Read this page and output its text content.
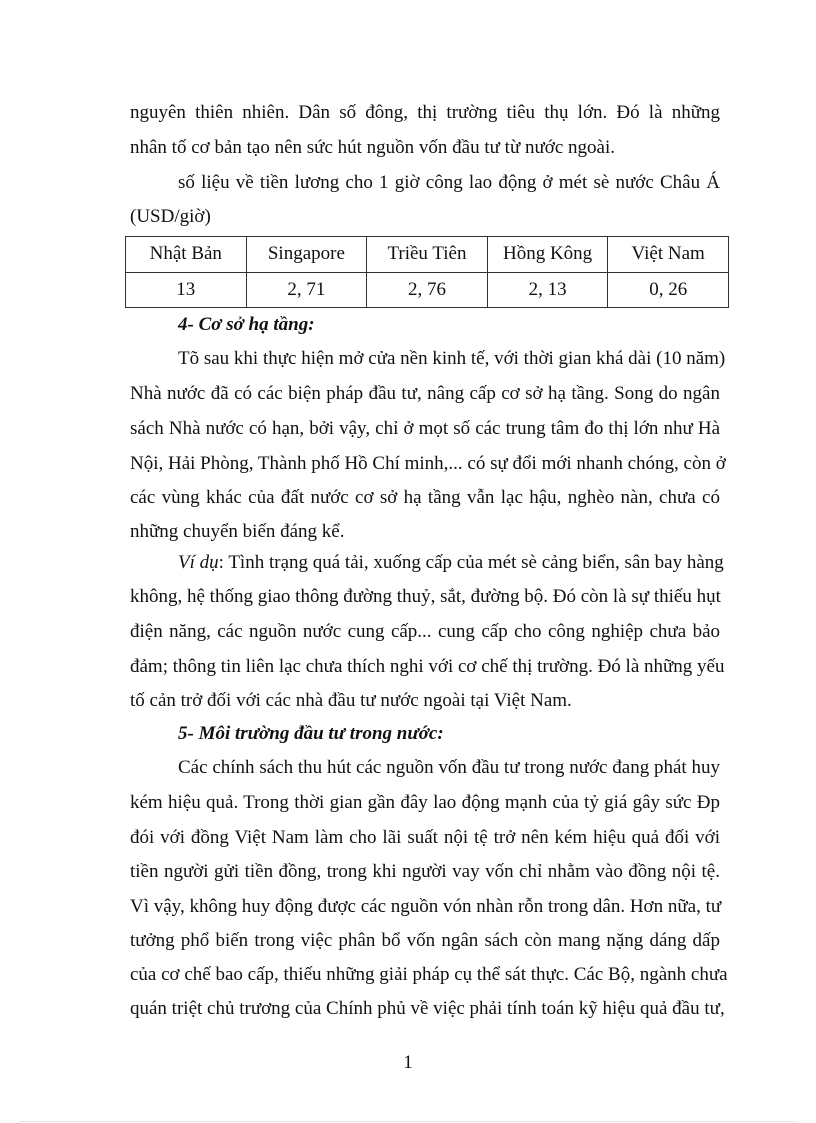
nguyên thiên nhiên. Dân số đông, thị trường tiêu thụ lớn. Đó là những
nhân tố cơ bản tạo nên sức hút nguồn vốn đầu tư từ nước ngoài.
số liệu về tiền lương cho 1 giờ công lao động ở mét sè nước Châu Á
(USD/giờ)
Nhật Bản	Singapore	Triều Tiên	Hồng Kông	Việt Nam
13	2, 71	2, 76	2, 13	0, 26
4- Cơ sở hạ tầng:
Tõ sau khi thực hiện mở cửa nền kinh tế, với thời gian khá dài (10 năm)
Nhà nước đã có các biện pháp đầu tư, nâng cấp cơ sở hạ tầng. Song do ngân
sách Nhà nước có hạn, bởi vậy, chỉ ở mọt số các trung tâm đo thị lớn như Hà
Nội, Hải Phòng, Thành phố Hồ Chí minh,... có sự đổi mới nhanh chóng, còn ở
các vùng khác của đất nước cơ sở hạ tầng vẫn lạc hậu, nghèo nàn, chưa có
những chuyển biến đáng kể.
Ví dụ: Tình trạng quá tải, xuống cấp của mét sè cảng biển, sân bay hàng
không, hệ thống giao thông đường thuỷ, sắt, đường bộ. Đó còn là sự thiếu hụt
điện năng, các nguồn nước cung cấp... cung cấp cho công nghiệp chưa bảo
đảm; thông tin liên lạc chưa thích nghi với cơ chế thị trường. Đó là những yếu
tố cản trở đối với các nhà đầu tư nước ngoài tại Việt Nam.
5- Môi trường đầu tư trong nước:
Các chính sách thu hút các nguồn vốn đầu tư trong nước đang phát huy
kém hiệu quả. Trong thời gian gần đây lao động mạnh của tỷ giá gây sức Đp
đói với đồng Việt Nam làm cho lãi suất nội tệ trở nên kém hiệu quả đối với
tiền người gửi tiền đồng, trong khi người vay vốn chỉ nhằm vào đồng nội tệ.
Vì vậy, không huy động được các nguồn vón nhàn rỗn trong dân. Hơn nữa, tư
tưởng phổ biến trong việc phân bổ vốn ngân sách còn mang nặng dáng dấp
của cơ chế bao cấp, thiếu những giải pháp cụ thể sát thực. Các Bộ, ngành chưa
quán triệt chủ trương của Chính phủ về việc phải tính toán kỹ hiệu quả đầu tư,
1
